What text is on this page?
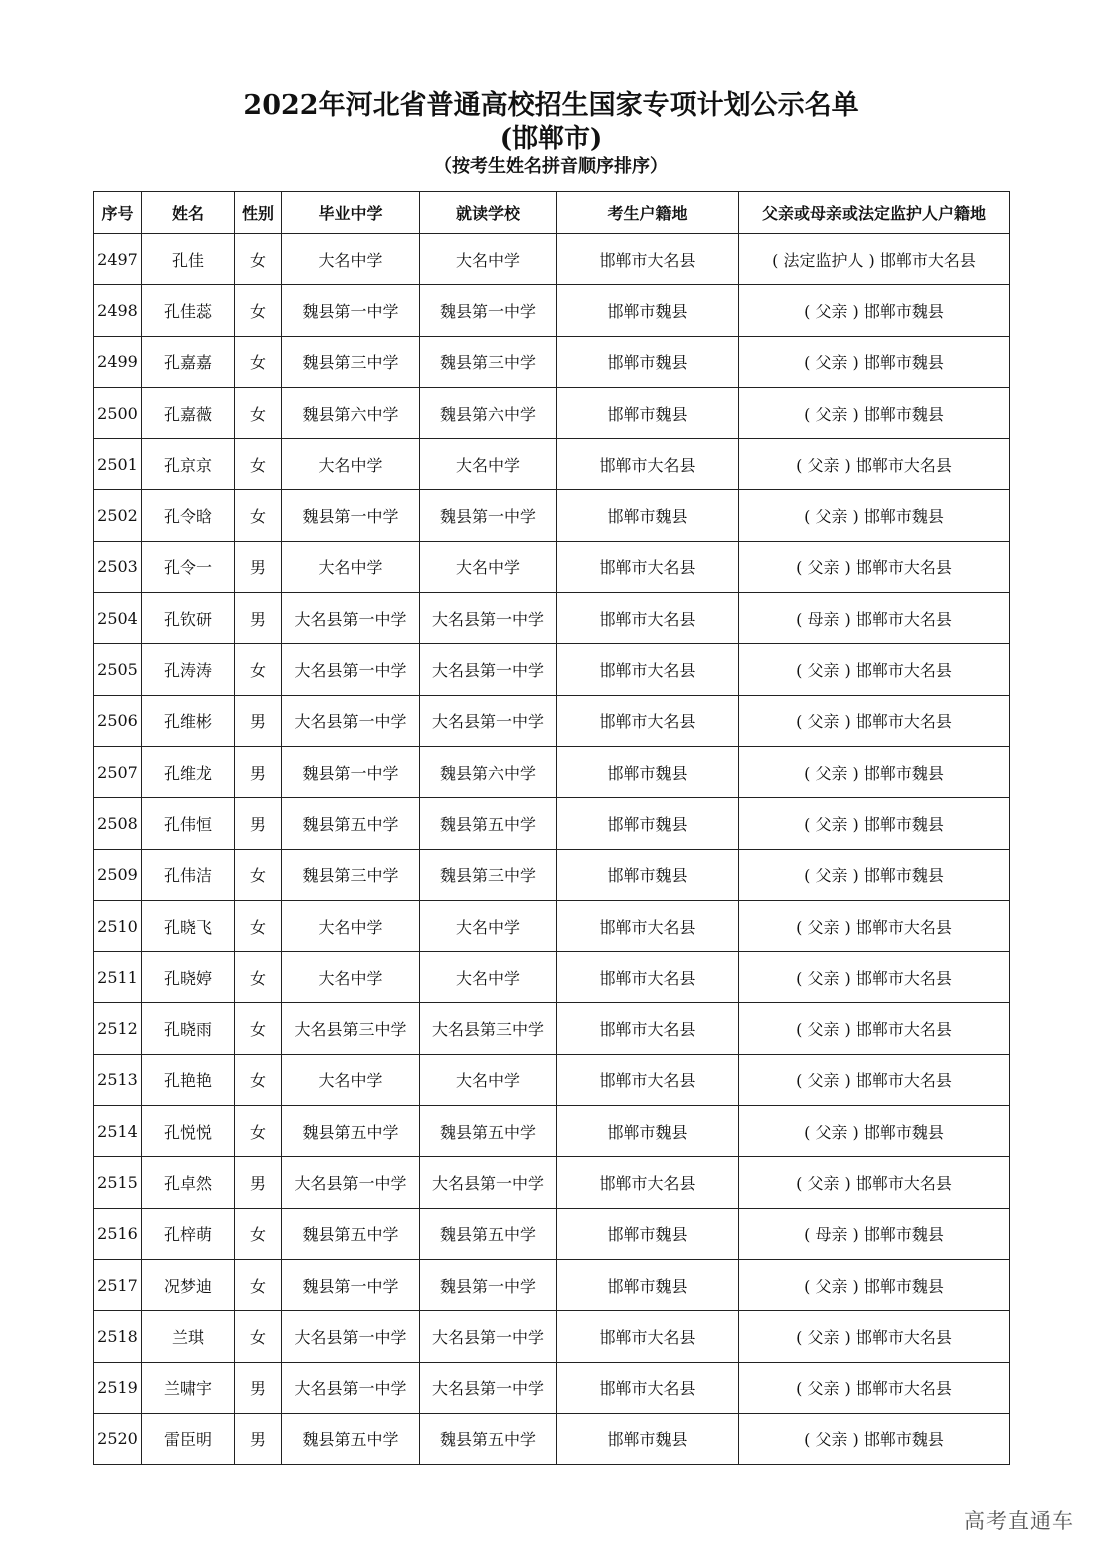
2022年河北省普通高校招生国家专项计划公示名单
(邯郸市)
（按考生姓名拼音顺序排序）
序号	姓名	性别	毕业中学	就读学校	考生户籍地	父亲或母亲或法定监护人户籍地
2497	孔佳	女	大名中学	大名中学	邯郸市大名县	( 法定监护人 ) 邯郸市大名县
2498	孔佳蕊	女	魏县第一中学	魏县第一中学	邯郸市魏县	( 父亲 ) 邯郸市魏县
2499	孔嘉嘉	女	魏县第三中学	魏县第三中学	邯郸市魏县	( 父亲 ) 邯郸市魏县
2500	孔嘉薇	女	魏县第六中学	魏县第六中学	邯郸市魏县	( 父亲 ) 邯郸市魏县
2501	孔京京	女	大名中学	大名中学	邯郸市大名县	( 父亲 ) 邯郸市大名县
2502	孔令晗	女	魏县第一中学	魏县第一中学	邯郸市魏县	( 父亲 ) 邯郸市魏县
2503	孔令一	男	大名中学	大名中学	邯郸市大名县	( 父亲 ) 邯郸市大名县
2504	孔钦研	男	大名县第一中学	大名县第一中学	邯郸市大名县	( 母亲 ) 邯郸市大名县
2505	孔涛涛	女	大名县第一中学	大名县第一中学	邯郸市大名县	( 父亲 ) 邯郸市大名县
2506	孔维彬	男	大名县第一中学	大名县第一中学	邯郸市大名县	( 父亲 ) 邯郸市大名县
2507	孔维龙	男	魏县第一中学	魏县第六中学	邯郸市魏县	( 父亲 ) 邯郸市魏县
2508	孔伟恒	男	魏县第五中学	魏县第五中学	邯郸市魏县	( 父亲 ) 邯郸市魏县
2509	孔伟洁	女	魏县第三中学	魏县第三中学	邯郸市魏县	( 父亲 ) 邯郸市魏县
2510	孔晓飞	女	大名中学	大名中学	邯郸市大名县	( 父亲 ) 邯郸市大名县
2511	孔晓婷	女	大名中学	大名中学	邯郸市大名县	( 父亲 ) 邯郸市大名县
2512	孔晓雨	女	大名县第三中学	大名县第三中学	邯郸市大名县	( 父亲 ) 邯郸市大名县
2513	孔艳艳	女	大名中学	大名中学	邯郸市大名县	( 父亲 ) 邯郸市大名县
2514	孔悦悦	女	魏县第五中学	魏县第五中学	邯郸市魏县	( 父亲 ) 邯郸市魏县
2515	孔卓然	男	大名县第一中学	大名县第一中学	邯郸市大名县	( 父亲 ) 邯郸市大名县
2516	孔梓萌	女	魏县第五中学	魏县第五中学	邯郸市魏县	( 母亲 ) 邯郸市魏县
2517	况梦迪	女	魏县第一中学	魏县第一中学	邯郸市魏县	( 父亲 ) 邯郸市魏县
2518	兰琪	女	大名县第一中学	大名县第一中学	邯郸市大名县	( 父亲 ) 邯郸市大名县
2519	兰啸宇	男	大名县第一中学	大名县第一中学	邯郸市大名县	( 父亲 ) 邯郸市大名县
2520	雷臣明	男	魏县第五中学	魏县第五中学	邯郸市魏县	( 父亲 ) 邯郸市魏县
高考直通车
